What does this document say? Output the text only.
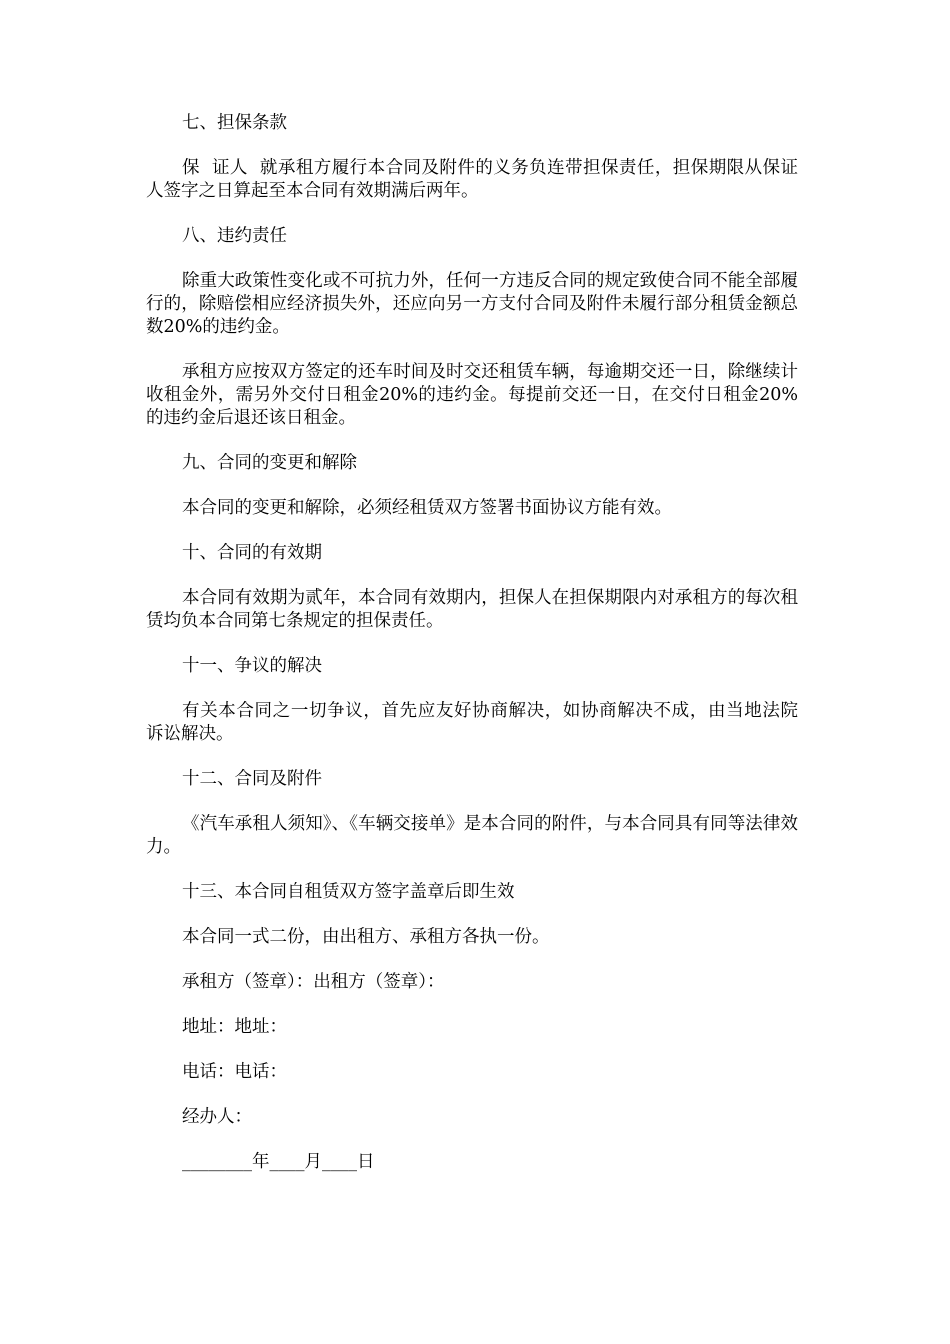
七、担保条款

保  证人  就承租方履行本合同及附件的义务负连带担保责任，担保期限从保证人签字之日算起至本合同有效期满后两年。

八、违约责任

除重大政策性变化或不可抗力外，任何一方违反合同的规定致使合同不能全部履行的，除赔偿相应经济损失外，还应向另一方支付合同及附件未履行部分租赁金额总数20%的违约金。

承租方应按双方签定的还车时间及时交还租赁车辆，每逾期交还一日，除继续计收租金外，需另外交付日租金20%的违约金。每提前交还一日，在交付日租金20%的违约金后退还该日租金。

九、合同的变更和解除

本合同的变更和解除，必须经租赁双方签署书面协议方能有效。

十、合同的有效期

本合同有效期为贰年，本合同有效期内，担保人在担保期限内对承租方的每次租赁均负本合同第七条规定的担保责任。

十一、争议的解决

有关本合同之一切争议，首先应友好协商解决，如协商解决不成，由当地法院  诉讼解决。

十二、合同及附件

《汽车承租人须知》、《车辆交接单》是本合同的附件，与本合同具有同等法律效力。

十三、本合同自租赁双方签字盖章后即生效

本合同一式二份，由出租方、承租方各执一份。

承租方（签章）：出租方（签章）：

地址：地址：

电话：电话：

经办人：

________年____月____日
